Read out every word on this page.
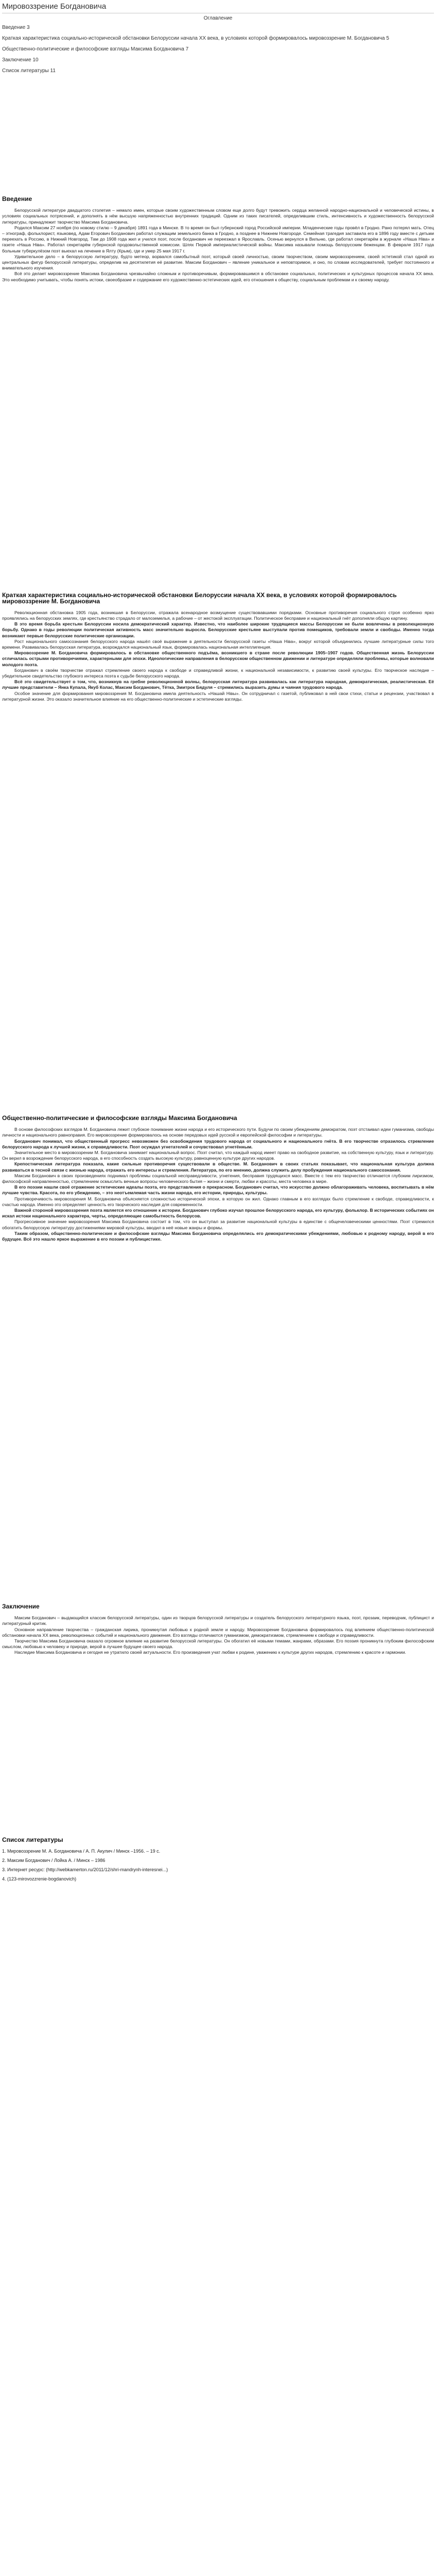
Мировоззрение Богдановича
Оглавление
Введение 3
Краткая характеристика социально-исторической обстановки Белоруссии начала XX века, в условиях которой формировалось мировоззрение М. Богдановича 5
Общественно-политические и философские взгляды Максима Богдановича 7
Заключение 10
Список литературы 11
Введение

Белорусской литературе двадцатого столетия – немало имен, которые своим художественным словом еще долго будут тревожить сердца желанной народно-национальной и человеческой истины, в условиях социальных потрясений, и дополнять в нём высшую напряженностью внутренних традиций. Одним из таких писателей, определившим стиль, интенсивность и художественность белорусской литературы, принадлежит творчество Максима Богдановича.

Родился Максим 27 ноября (по новому стилю – 9 декабря) 1891 года в Минске. В то время он был губернский город Российской империи. Младенческие годы провёл в Гродно. Рано потерял мать. Отец – этнограф, фольклорист, языковед, Адам Егорович Богданович работал служащим земельного банка в Гродно, а позднее в Нижнем Новгороде. Семейная трагедия заставила его в 1896 году вместе с детьми переехать в Россию, в Нижний Новгород. Там до 1908 года жил и учился поэт, после богданович не переезжал в Ярославль. Осенью вернулся в Вильню, где работал секретарём в журнале «Наша Ніва» и газете «Наша Ніва». Работал секретарём губернской продовольственной комиссии. Шлях Первой империалистической войны. Максима называли помощь белорусским беженцам. В феврале 1917 года больным туберкулёзом поэт выехал на лечение в Ялту (Крым), где и умер 25 мая 1917 г.

Удивительное дело – в белорусскую литературу, будто метеор, ворвался самобытный поэт, который своей личностью, своим творчеством, своим мировоззрением, своей эстетикой стал одной из центральных фигур белорусской литературы, определив на десятилетия её развитие. Максим Богданович – явление уникальное и неповторимое, и оно, по словам исследователей, требует постоянного и внимательного изучения.

Всё это делает мировоззрение Максима Богдановича чрезвычайно сложным и противоречивым, формировавшимся в обстановке социальных, политических и культурных процессов начала XX века. Это необходимо учитывать, чтобы понять истоки, своеобразие и содержание его художественно-эстетических идей, его отношения к обществу, социальным проблемам и к своему народу.

Краткая характеристика социально-исторической обстановки Белоруссии начала XX века, в условиях которой формировалось мировоззрение М. Богдановича

Революционная обстановка 1905 года, возникшая в Белоруссии, отражала всенародное возмущение существовавшими порядками. Основные противоречия социального строя особенно ярко проявлялись на белорусских землях, где крестьянство страдало от малоземелья, а рабочие – от жестокой эксплуатации. Политическое бесправие и национальный гнёт дополняли общую картину.

В это время борьба крестьян Белоруссии носила демократический характер. Известно, что наиболее широкие трудящиеся массы Белоруссии не были вовлечены в революционную борьбу. Однако в годы революции политическая активность масс значительно выросла. Белорусские крестьяне выступали против помещиков, требовали земли и свободы. Именно тогда возникают первые белорусские политические организации.

Рост национального самосознания белорусского народа нашёл своё выражение в деятельности белорусской газеты «Наша Ніва», вокруг которой объединились лучшие литературные силы того времени. Развивалась белорусская литература, возрождался национальный язык, формировалась национальная интеллигенция.

Мировоззрение М. Богдановича формировалось в обстановке общественного подъёма, возникшего в стране после революции 1905–1907 годов. Общественная жизнь Белоруссии отличалась острыми противоречиями, характерными для эпохи. Идеологические направления в белорусском общественном движении и литературе определяли проблемы, которые волновали молодого поэта.

Богданович в своём творчестве отражал стремление своего народа к свободе и справедливой жизни, к национальной независимости, к развитию своей культуры. Его творческое наследие – убедительное свидетельство глубокого интереса поэта к судьбе белорусского народа.

Всё это свидетельствует о том, что, возникнув на гребне революционной волны, белорусская литература развивалась как литература народная, демократическая, реалистическая. Её лучшие представители – Янка Купала, Якуб Колас, Максим Богданович, Тётка, Змитрок Бядуля – стремились выразить думы и чаяния трудового народа.

Особое значение для формирования мировоззрения М. Богдановича имела деятельность «Нашай Нівы». Он сотрудничал с газетой, публиковал в ней свои стихи, статьи и рецензии, участвовал в литературной жизни. Это оказало значительное влияние на его общественно-политические и эстетические взгляды.

Общественно-политические и философские взгляды Максима Богдановича

В основе философских взглядов М. Богдановича лежит глубокое понимание жизни народа и его исторического пути. Будучи по своим убеждениям демократом, поэт отстаивал идеи гуманизма, свободы личности и национального равноправия. Его мировоззрение формировалось на основе передовых идей русской и европейской философии и литературы.

Богданович понимал, что общественный прогресс невозможен без освобождения трудового народа от социального и национального гнёта. В его творчестве отразилось стремление белорусского народа к лучшей жизни, к справедливости. Поэт осуждал угнетателей и сочувствовал угнетённым.

Значительное место в мировоззрении М. Богдановича занимает национальный вопрос. Поэт считал, что каждый народ имеет право на свободное развитие, на собственную культуру, язык и литературу. Он верил в возрождение белорусского народа, в его способность создать высокую культуру, равноценную культуре других народов.

Крепостническая литература показала, какие сильные противоречия существовали в обществе. М. Богданович в своих статьях показывает, что национальная культура должна развиваться в тесной связи с жизнью народа, отражать его интересы и стремления. Литература, по его мнению, должна служить делу пробуждения национального самосознания.

Максим Богданович в своих произведениях поднимал проблемы социальной несправедливости, угнетения, бесправия трудящихся масс. Вместе с тем его творчество отличается глубоким лиризмом, философской направленностью, стремлением осмыслить вечные вопросы человеческого бытия – жизни и смерти, любви и красоты, места человека в мире.

В его поэзии нашли своё отражение эстетические идеалы поэта, его представления о прекрасном. Богданович считал, что искусство должно облагораживать человека, воспитывать в нём лучшие чувства. Красота, по его убеждению, – это неотъемлемая часть жизни народа, его истории, природы, культуры.

Противоречивость мировоззрения М. Богдановича объясняется сложностью исторической эпохи, в которую он жил. Однако главным в его взглядах было стремление к свободе, справедливости, к счастью народа. Именно это определяет ценность его творческого наследия для современности.

Важной стороной мировоззрения поэта является его отношение к истории. Богданович глубоко изучал прошлое белорусского народа, его культуру, фольклор. В исторических событиях он искал истоки национального характера, черты, определяющие самобытность белорусов.

Прогрессивное значение мировоззрения Максима Богдановича состоит в том, что он выступал за развитие национальной культуры в единстве с общечеловеческими ценностями. Поэт стремился обогатить белорусскую литературу достижениями мировой культуры, вводил в неё новые жанры и формы.

Таким образом, общественно-политические и философские взгляды Максима Богдановича определялись его демократическими убеждениями, любовью к родному народу, верой в его будущее. Всё это нашло яркое выражение в его поэзии и публицистике.

Заключение

Максим Богданович – выдающийся классик белорусской литературы, один из творцов белорусской литературы и создатель белорусского литературного языка, поэт, прозаик, переводчик, публицист и литературный критик.

Основное направление творчества – гражданская лирика, проникнутая любовью к родной земле и народу. Мировоззрение Богдановича формировалось под влиянием общественно-политической обстановки начала XX века, революционных событий и национального движения. Его взгляды отличаются гуманизмом, демократизмом, стремлением к свободе и справедливости.

Творчество Максима Богдановича оказало огромное влияние на развитие белорусской литературы. Он обогатил её новыми темами, жанрами, образами. Его поэзия проникнута глубоким философским смыслом, любовью к человеку и природе, верой в лучшее будущее своего народа.

Наследие Максима Богдановича и сегодня не утратило своей актуальности. Его произведения учат любви к родине, уважению к культуре других народов, стремлению к красоте и гармонии.

Список литературы
1. Мировоззрение М. А. Богдановича / А. П. Акулич / Минск –1956. – 19 с.
2. Максим Богданович / Лойка А. / Минск – 1986
3. Интернет ресурс: (http://webkamerton.ru/2011/12/shri-mandrynh-interesnei...)
4. (123-mirovozzrenie-bogdanovich)
